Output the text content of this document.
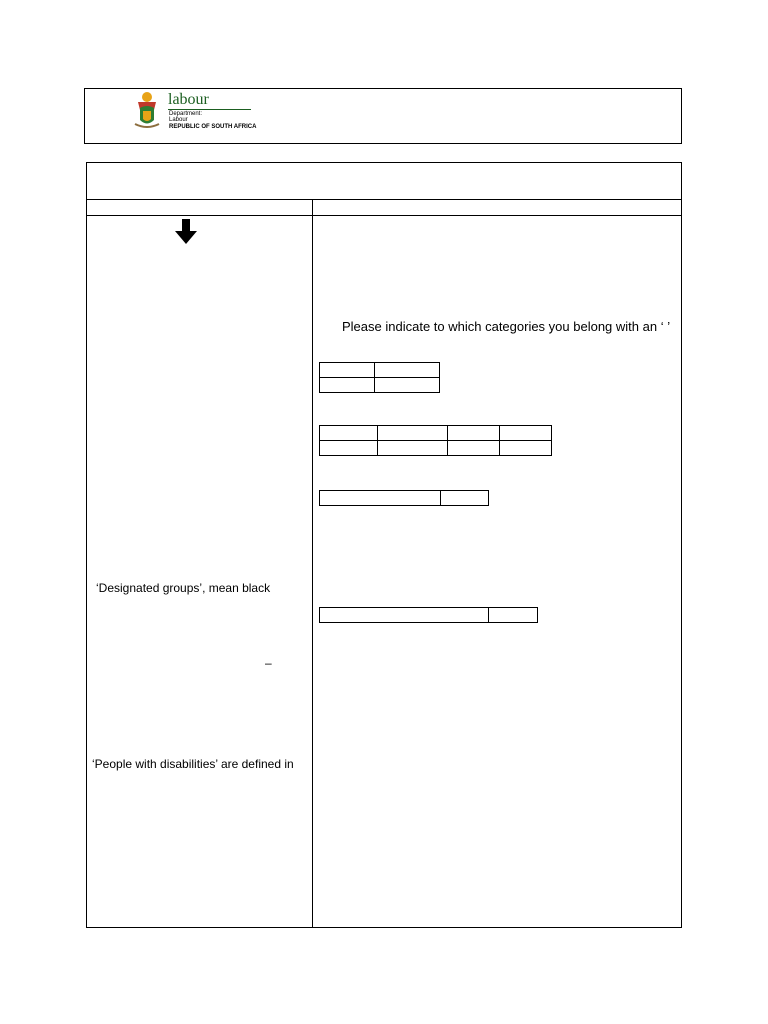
labour
Department:
Labour
REPUBLIC OF SOUTH AFRICA
‘Designated groups’, mean black
–
‘People with disabilities’ are defined in
Please indicate to which categories you belong with an ‘ ’
